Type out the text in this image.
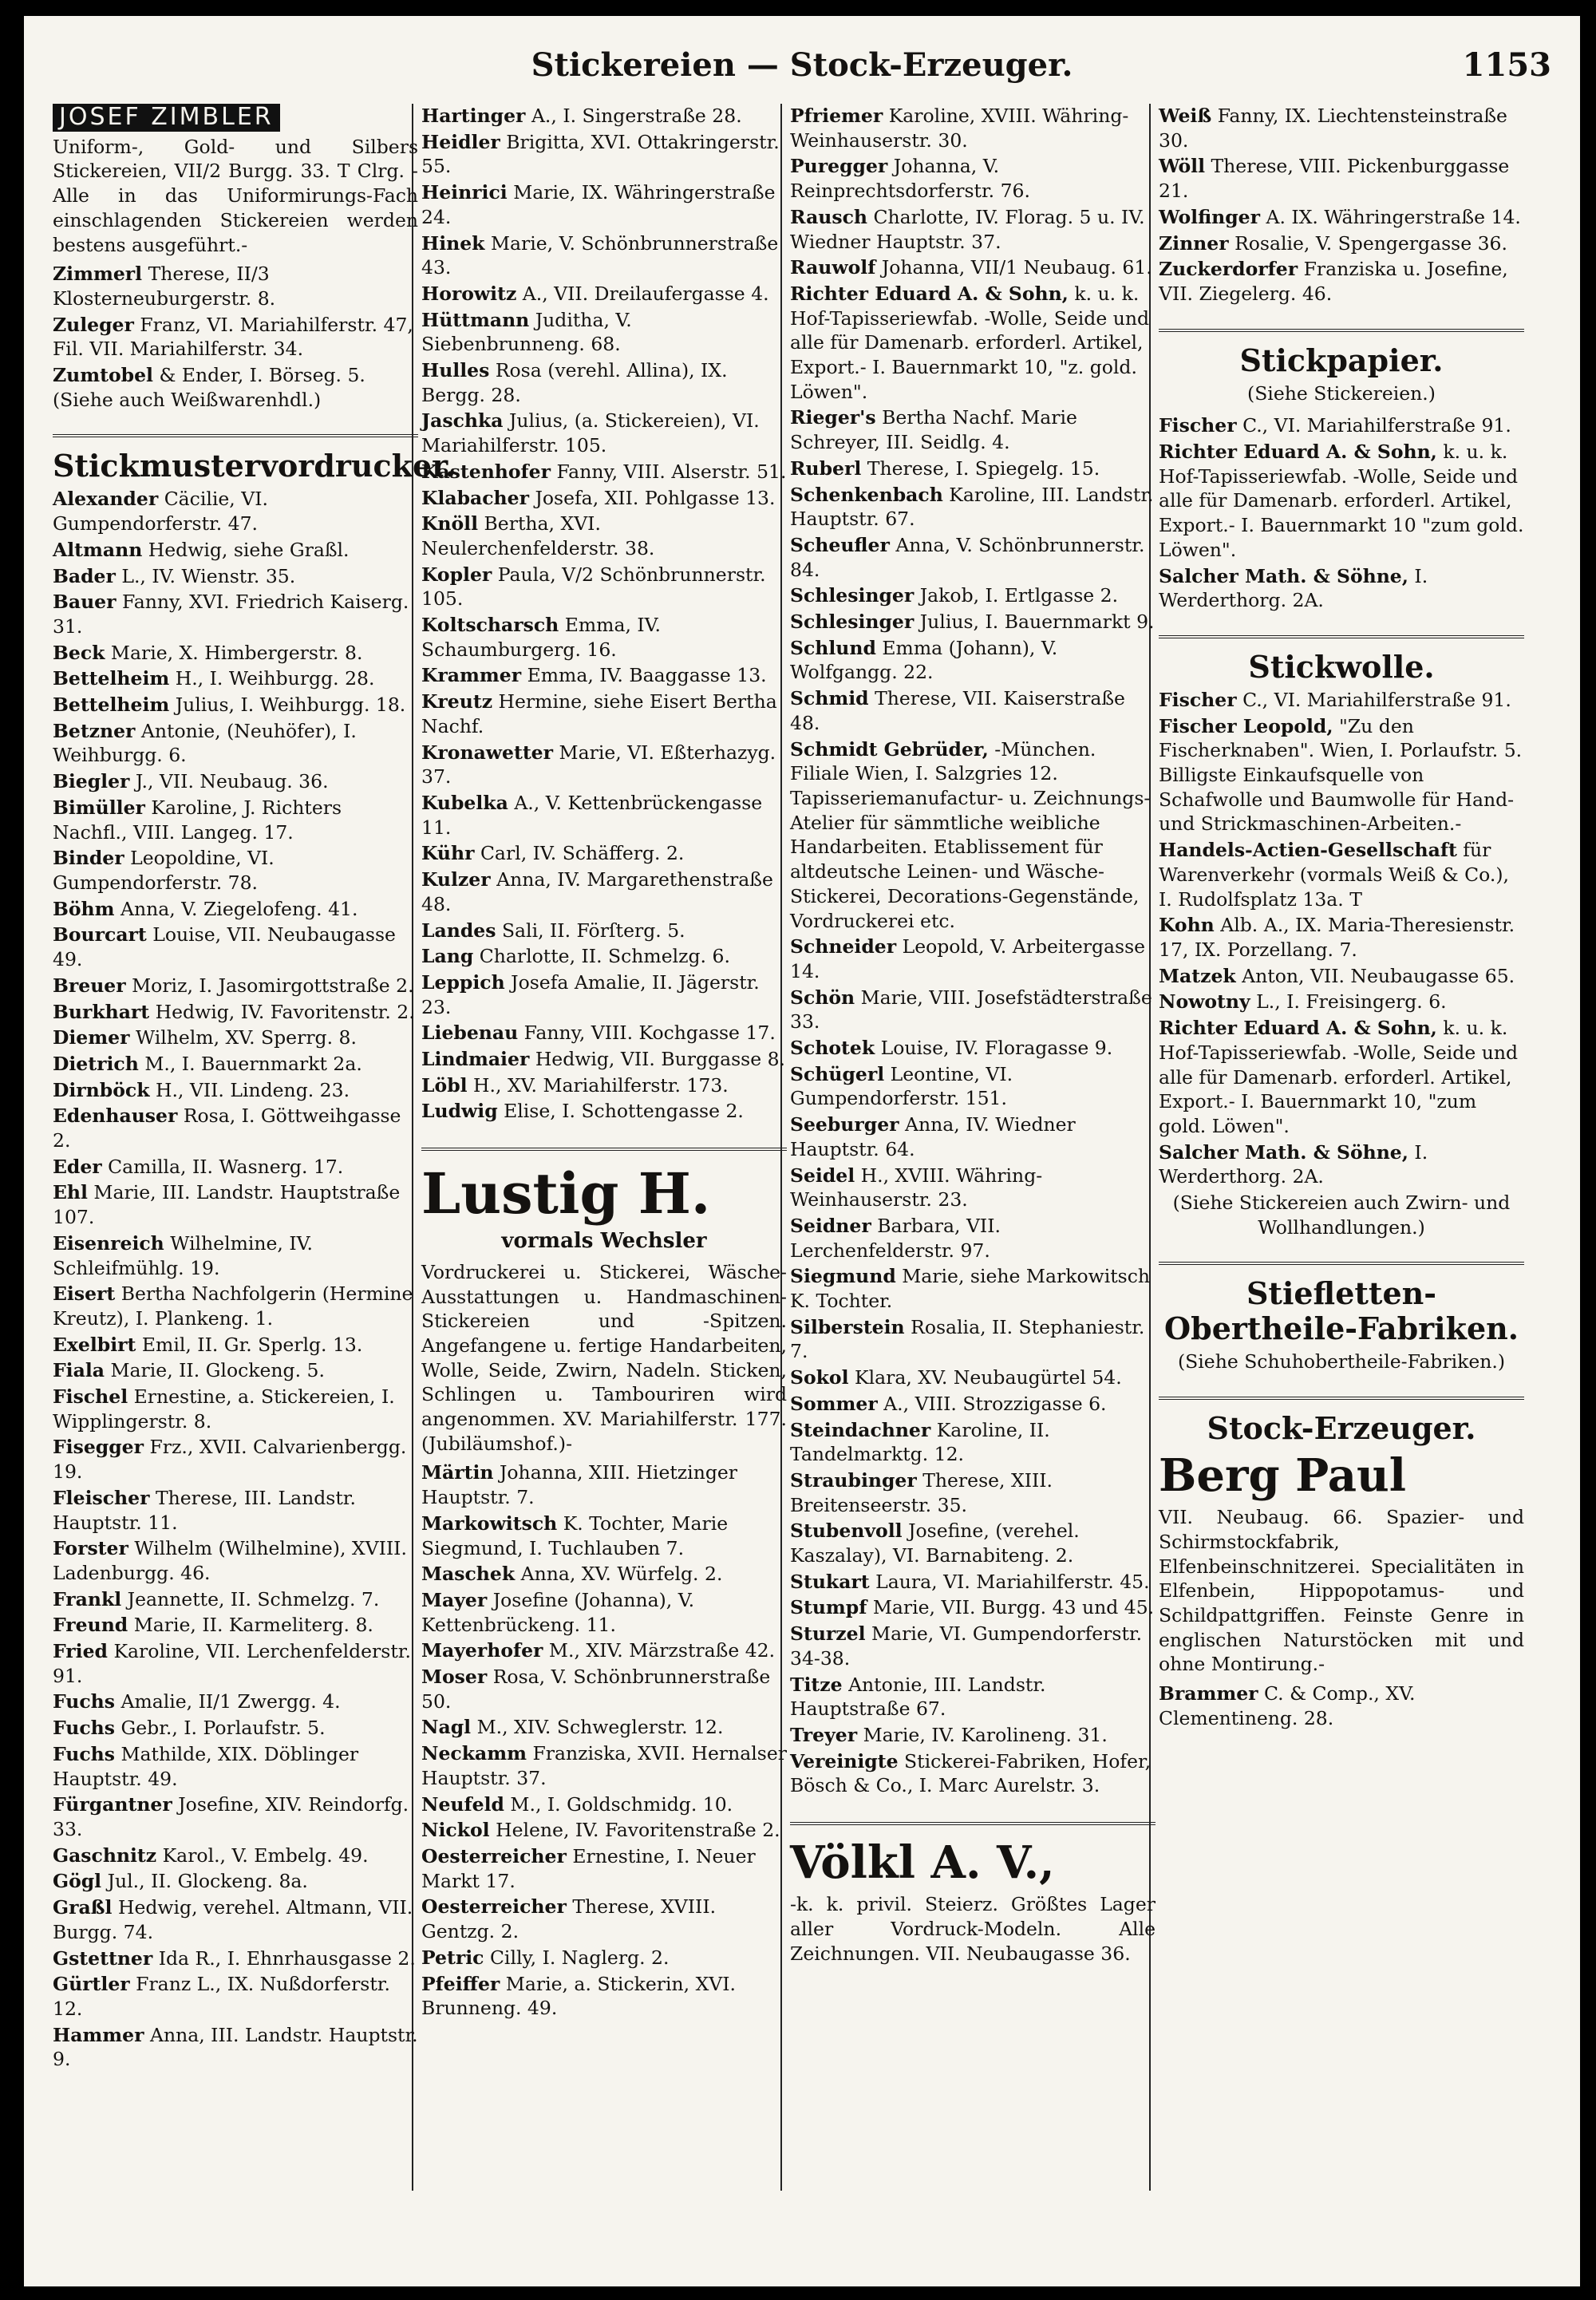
Stickereien — Stock-Erzeuger.	1153
JOSEF ZIMBLER
Uniform-, Gold- und Silbers Stickereien, VII/2 Burgg. 33. T Clrg. -Alle in das Uniformirungs-Fach einschlagenden Stickereien werden bestens ausgeführt.-
Zimmerl Therese, II/3 Klosterneuburgerstr. 8.
Zuleger Franz, VI. Mariahilferstr. 47, Fil. VII. Mariahilferstr. 34.
Zumtobel & Ender, I. Börseg. 5. (Siehe auch Weißwarenhdl.)
Stickmustervordrucker.
Alexander Cäcilie, VI. Gumpendorferstr. 47.
Altmann Hedwig, siehe Graßl.
Bader L., IV. Wienstr. 35.
Bauer Fanny, XVI. Friedrich Kaiserg. 31.
Beck Marie, X. Himbergerstr. 8.
Bettelheim H., I. Weihburgg. 28.
Bettelheim Julius, I. Weihburgg. 18.
Betzner Antonie, (Neuhöfer), I. Weihburgg. 6.
Biegler J., VII. Neubaug. 36.
Bimüller Karoline, J. Richters Nachfl., VIII. Langeg. 17.
Binder Leopoldine, VI. Gumpendorferstr. 78.
Böhm Anna, V. Ziegelofeng. 41.
Bourcart Louise, VII. Neubaugasse 49.
Breuer Moriz, I. Jasomirgottstraße 2.
Burkhart Hedwig, IV. Favoritenstr. 2.
Diemer Wilhelm, XV. Sperrg. 8.
Dietrich M., I. Bauernmarkt 2a.
Dirnböck H., VII. Lindeng. 23.
Edenhauser Rosa, I. Göttweihgasse 2.
Eder Camilla, II. Wasnerg. 17.
Ehl Marie, III. Landstr. Hauptstraße 107.
Eisenreich Wilhelmine, IV. Schleifmühlg. 19.
Eisert Bertha Nachfolgerin (Hermine Kreutz), I. Plankeng. 1.
Exelbirt Emil, II. Gr. Sperlg. 13.
Fiala Marie, II. Glockeng. 5.
Fischel Ernestine, a. Stickereien, I. Wipplingerstr. 8.
Fisegger Frz., XVII. Calvarienbergg. 19.
Fleischer Therese, III. Landstr. Hauptstr. 11.
Forster Wilhelm (Wilhelmine), XVIII. Ladenburgg. 46.
Frankl Jeannette, II. Schmelzg. 7.
Freund Marie, II. Karmeliterg. 8.
Fried Karoline, VII. Lerchenfelderstr. 91.
Fuchs Amalie, II/1 Zwergg. 4.
Fuchs Gebr., I. Porlaufstr. 5.
Fuchs Mathilde, XIX. Döblinger Hauptstr. 49.
Fürgantner Josefine, XIV. Reindorfg. 33.
Gaschnitz Karol., V. Embelg. 49.
Gögl Jul., II. Glockeng. 8a.
Graßl Hedwig, verehel. Altmann, VII. Burgg. 74.
Gstettner Ida R., I. Ehnrhausgasse 2.
Gürtler Franz L., IX. Nußdorferstr. 12.
Hammer Anna, III. Landstr. Hauptstr. 9.
Hartinger A., I. Singerstraße 28.
Heidler Brigitta, XVI. Ottakringerstr. 55.
Heinrici Marie, IX. Währingerstraße 24.
Hinek Marie, V. Schönbrunnerstraße 43.
Horowitz A., VII. Dreilaufergasse 4.
Hüttmann Juditha, V. Siebenbrunneng. 68.
Hulles Rosa (verehl. Allina), IX. Bergg. 28.
Jaschka Julius, (a. Stickereien), VI. Mariahilferstr. 105.
Kastenhofer Fanny, VIII. Alserstr. 51.
Klabacher Josefa, XII. Pohlgasse 13.
Knöll Bertha, XVI. Neulerchenfelderstr. 38.
Kopler Paula, V/2 Schönbrunnerstr. 105.
Koltscharsch Emma, IV. Schaumburgerg. 16.
Krammer Emma, IV. Baaggasse 13.
Kreutz Hermine, siehe Eisert Bertha Nachf.
Kronawetter Marie, VI. Eßterhazyg. 37.
Kubelka A., V. Kettenbrückengasse 11.
Kühr Carl, IV. Schäfferg. 2.
Kulzer Anna, IV. Margarethenstraße 48.
Landes Sali, II. Förſterg. 5.
Lang Charlotte, II. Schmelzg. 6.
Leppich Josefa Amalie, II. Jägerstr. 23.
Liebenau Fanny, VIII. Kochgasse 17.
Lindmaier Hedwig, VII. Burggasse 8.
Löbl H., XV. Mariahilferstr. 173.
Ludwig Elise, I. Schottengasse 2.
Lustig H.
vormals Wechsler
Vordruckerei u. Stickerei, Wäsche-Ausstattungen u. Handmaschinen-Stickereien und -Spitzen. Angefangene u. fertige Handarbeiten, Wolle, Seide, Zwirn, Nadeln. Sticken, Schlingen u. Tambouriren wird angenommen. XV. Mariahilferstr. 177. (Jubiläumshof.)-
Märtin Johanna, XIII. Hietzinger Hauptstr. 7.
Markowitsch K. Tochter, Marie Siegmund, I. Tuchlauben 7.
Maschek Anna, XV. Würfelg. 2.
Mayer Josefine (Johanna), V. Kettenbrückeng. 11.
Mayerhofer M., XIV. Märzstraße 42.
Moser Rosa, V. Schönbrunnerstraße 50.
Nagl M., XIV. Schweglerstr. 12.
Neckamm Franziska, XVII. Hernalser Hauptstr. 37.
Neufeld M., I. Goldschmidg. 10.
Nickol Helene, IV. Favoritenstraße 2.
Oesterreicher Ernestine, I. Neuer Markt 17.
Oesterreicher Therese, XVIII. Gentzg. 2.
Petric Cilly, I. Naglerg. 2.
Pfeiffer Marie, a. Stickerin, XVI. Brunneng. 49.
Pfriemer Karoline, XVIII. Währing-Weinhauserstr. 30.
Puregger Johanna, V. Reinprechtsdorferstr. 76.
Rausch Charlotte, IV. Florag. 5 u. IV. Wiedner Hauptstr. 37.
Rauwolf Johanna, VII/1 Neubaug. 61.
Richter Eduard A. & Sohn, k. u. k. Hof-Tapisseriewfab. -Wolle, Seide und alle für Damenarb. erforderl. Artikel, Export.- I. Bauernmarkt 10, "z. gold. Löwen".
Rieger's Bertha Nachf. Marie Schreyer, III. Seidlg. 4.
Ruberl Therese, I. Spiegelg. 15.
Schenkenbach Karoline, III. Landstr. Hauptstr. 67.
Scheufler Anna, V. Schönbrunnerstr. 84.
Schlesinger Jakob, I. Ertlgasse 2.
Schlesinger Julius, I. Bauernmarkt 9.
Schlund Emma (Johann), V. Wolfgangg. 22.
Schmid Therese, VII. Kaiserstraße 48.
Schmidt Gebrüder, -München. Filiale Wien, I. Salzgries 12. Tapisseriemanufactur- u. Zeichnungs-Atelier für sämmtliche weibliche Handarbeiten. Etablissement für altdeutsche Leinen- und Wäsche-Stickerei, Decorations-Gegenstände, Vordruckerei etc.
Schneider Leopold, V. Arbeitergasse 14.
Schön Marie, VIII. Josefstädterstraße 33.
Schotek Louise, IV. Floragasse 9.
Schügerl Leontine, VI. Gumpendorferstr. 151.
Seeburger Anna, IV. Wiedner Hauptstr. 64.
Seidel H., XVIII. Währing-Weinhauserstr. 23.
Seidner Barbara, VII. Lerchenfelderstr. 97.
Siegmund Marie, siehe Markowitsch K. Tochter.
Silberstein Rosalia, II. Stephaniestr. 7.
Sokol Klara, XV. Neubaugürtel 54.
Sommer A., VIII. Strozzigasse 6.
Steindachner Karoline, II. Tandelmarktg. 12.
Straubinger Therese, XIII. Breitenseerstr. 35.
Stubenvoll Josefine, (verehel. Kaszalay), VI. Barnabiteng. 2.
Stukart Laura, VI. Mariahilferstr. 45.
Stumpf Marie, VII. Burgg. 43 und 45.
Sturzel Marie, VI. Gumpendorferstr. 34-38.
Titze Antonie, III. Landstr. Hauptstraße 67.
Treyer Marie, IV. Karolineng. 31.
Vereinigte Stickerei-Fabriken, Hofer, Bösch & Co., I. Marc Aurelstr. 3.
Völkl A. V.,
-k. k. privil. Steierz. Größtes Lager aller Vordruck-Modeln. Alle Zeichnungen. VII. Neubaugasse 36.
Weiß Fanny, IX. Liechtensteinstraße 30.
Wöll Therese, VIII. Pickenburggasse 21.
Wolfinger A. IX. Währingerstraße 14.
Zinner Rosalie, V. Spengergasse 36.
Zuckerdorfer Franziska u. Josefine, VII. Ziegelerg. 46.
Stickpapier.
(Siehe Stickereien.)
Fischer C., VI. Mariahilferstraße 91.
Richter Eduard A. & Sohn, k. u. k. Hof-Tapisseriewfab. -Wolle, Seide und alle für Damenarb. erforderl. Artikel, Export.- I. Bauernmarkt 10 "zum gold. Löwen".
Salcher Math. & Söhne, I. Werderthorg. 2A.
Stickwolle.
Fischer C., VI. Mariahilferstraße 91.
Fischer Leopold, "Zu den Fischerknaben". Wien, I. Porlaufstr. 5. Billigste Einkaufsquelle von Schafwolle und Baumwolle für Hand- und Strickmaschinen-Arbeiten.-
Handels-Actien-Gesellschaft für Warenverkehr (vormals Weiß & Co.), I. Rudolfsplatz 13a. T
Kohn Alb. A., IX. Maria-Theresienstr. 17, IX. Porzellang. 7.
Matzek Anton, VII. Neubaugasse 65.
Nowotny L., I. Freisingerg. 6.
Richter Eduard A. & Sohn, k. u. k. Hof-Tapisseriewfab. -Wolle, Seide und alle für Damenarb. erforderl. Artikel, Export.- I. Bauernmarkt 10, "zum gold. Löwen".
Salcher Math. & Söhne, I. Werderthorg. 2A.
(Siehe Stickereien auch Zwirn- und Wollhandlungen.)
Stiefletten-Obertheile-Fabriken.
(Siehe Schuhobertheile-Fabriken.)
Stock-Erzeuger.
Berg Paul
VII. Neubaug. 66. Spazier- und Schirmstockfabrik, Elfenbeinschnitzerei. Specialitäten in Elfenbein, Hippopotamus- und Schildpattgriffen. Feinste Genre in englischen Naturstöcken mit und ohne Montirung.-
Brammer C. & Comp., XV. Clementineng. 28.
